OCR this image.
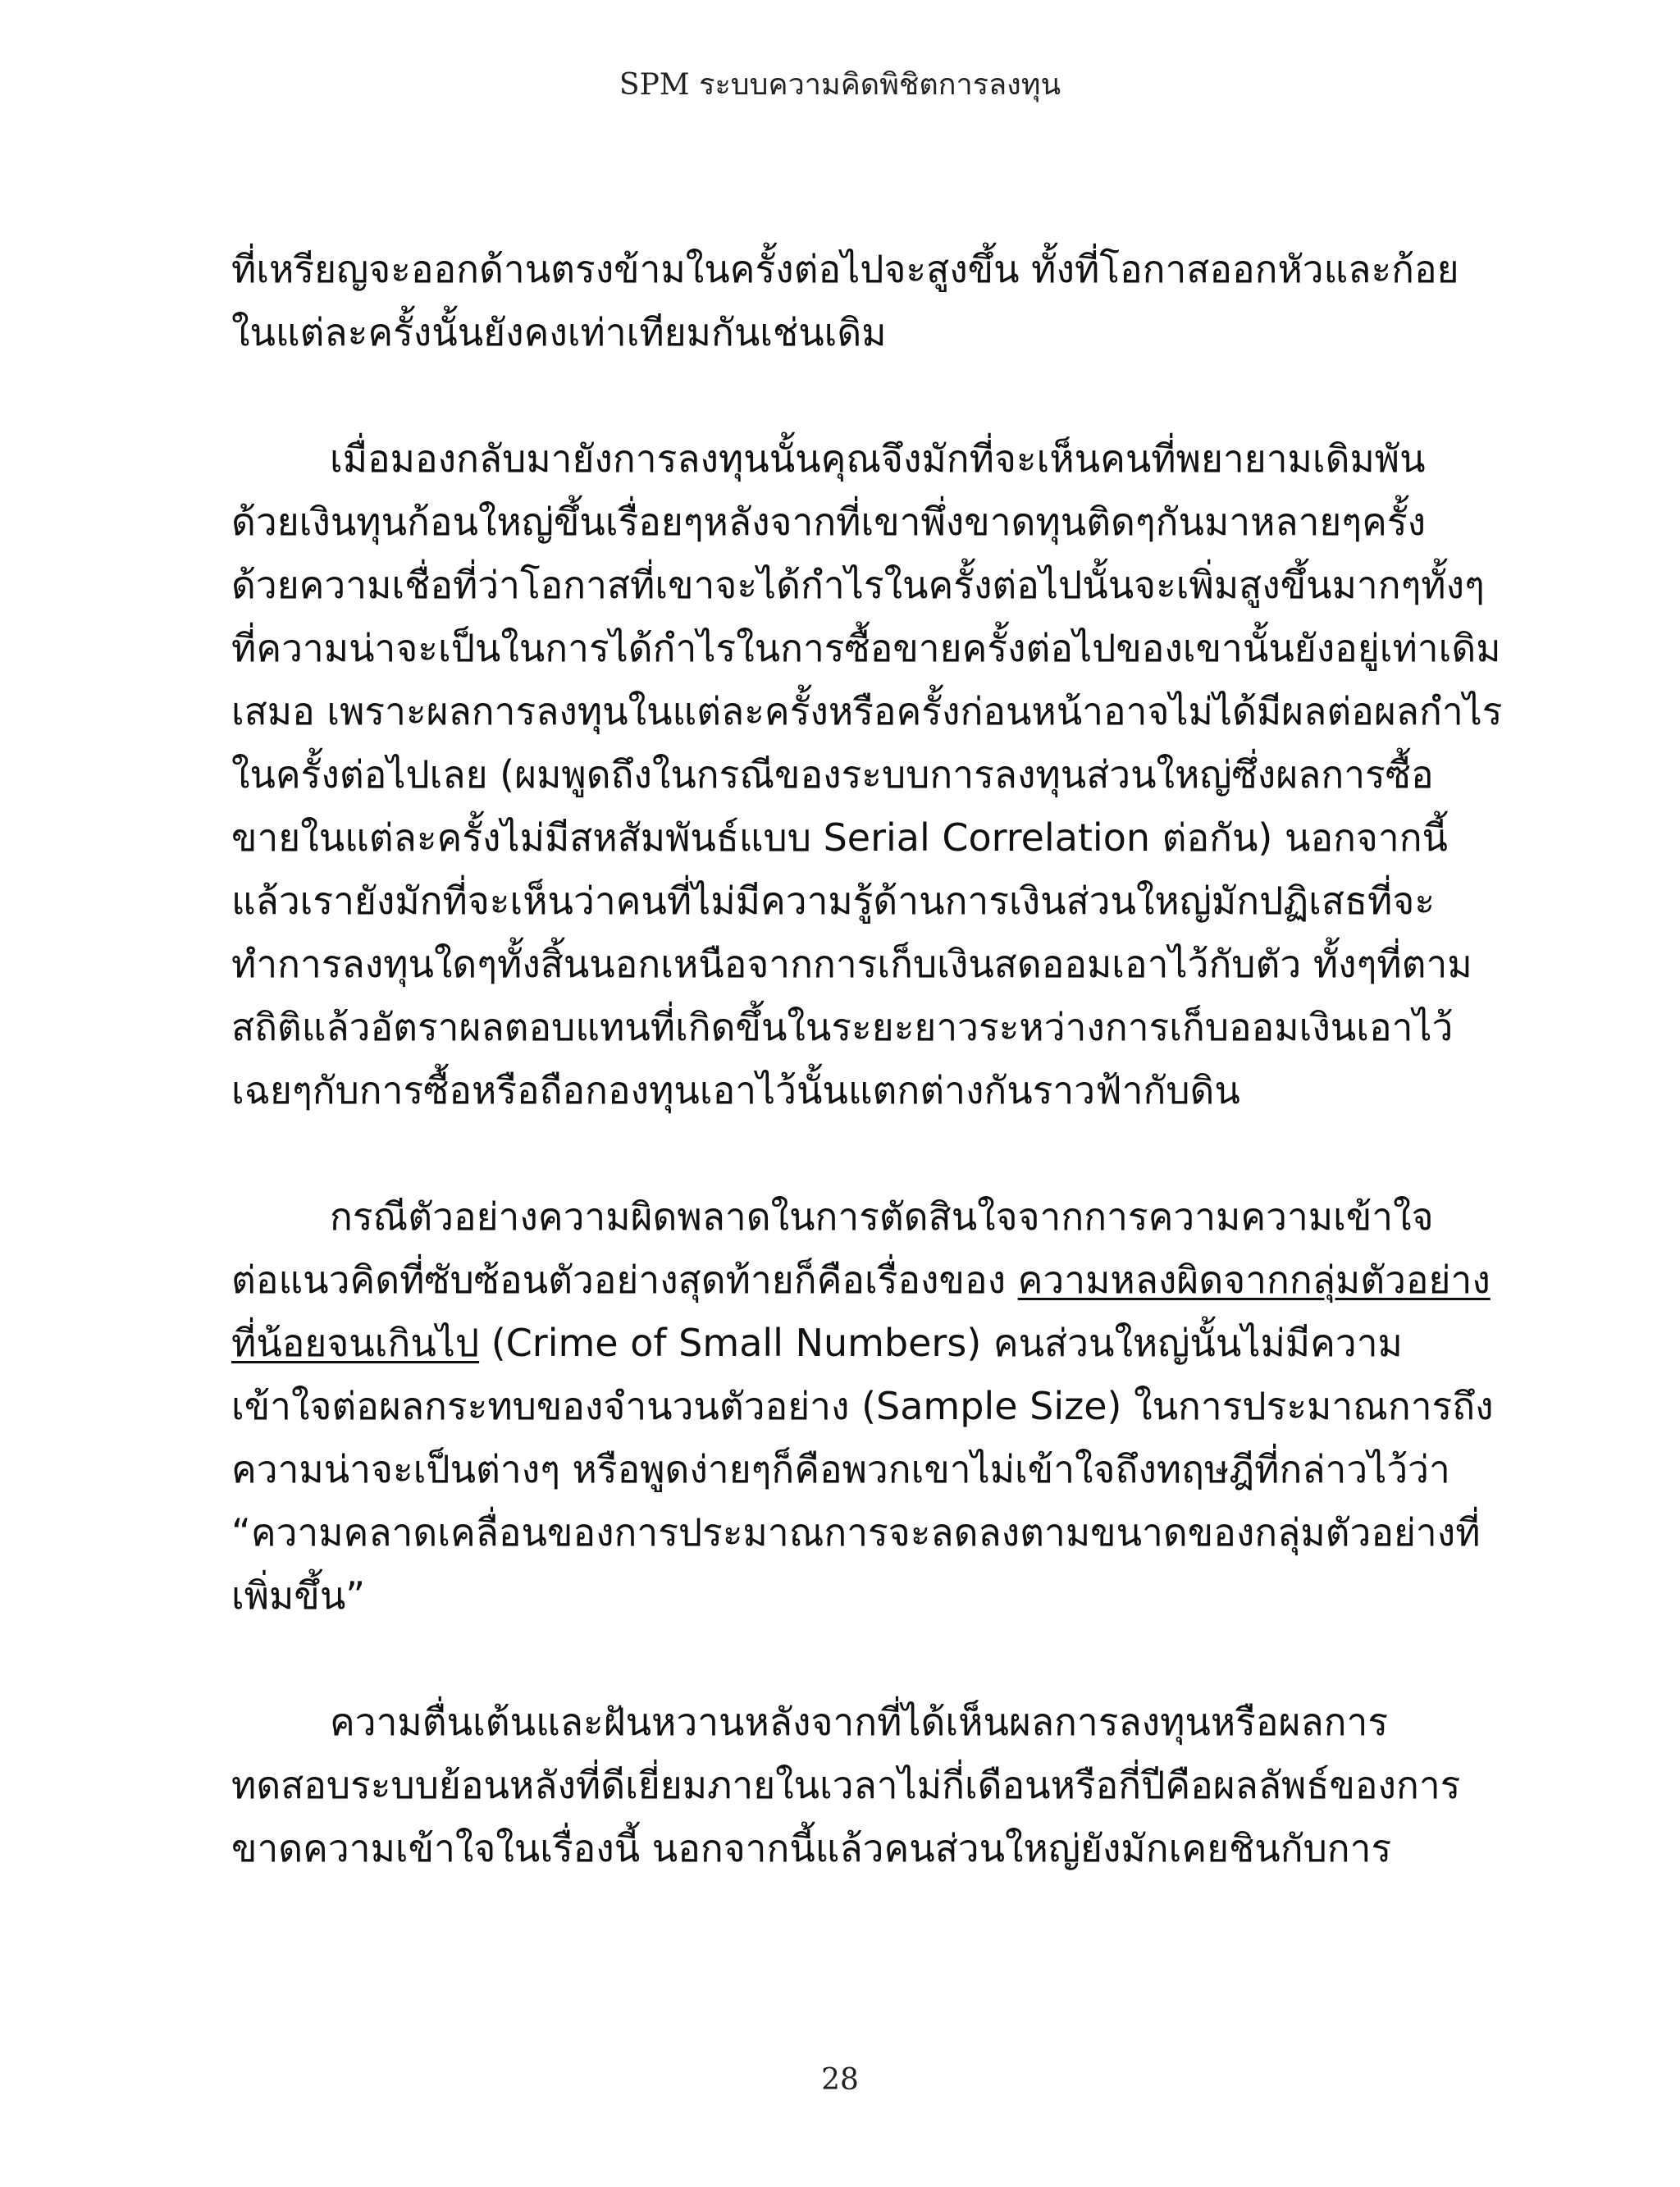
SPM ระบบความคิดพิชิตการลงทุน

ที่เหรียญจะออกด้านตรงข้ามในครั้งต่อไปจะสูงขึ้น ทั้งที่โอกาสออกหัวและก้อย
ในแต่ละครั้งนั้นยังคงเท่าเทียมกันเช่นเดิม

เมื่อมองกลับมายังการลงทุนนั้นคุณจึงมักที่จะเห็นคนที่พยายามเดิมพัน
ด้วยเงินทุนก้อนใหญ่ขึ้นเรื่อยๆหลังจากที่เขาพึ่งขาดทุนติดๆกันมาหลายๆครั้ง
ด้วยความเชื่อที่ว่าโอกาสที่เขาจะได้กำไรในครั้งต่อไปนั้นจะเพิ่มสูงขึ้นมากๆทั้งๆ
ที่ความน่าจะเป็นในการได้กำไรในการซื้อขายครั้งต่อไปของเขานั้นยังอยู่เท่าเดิม
เสมอ เพราะผลการลงทุนในแต่ละครั้งหรือครั้งก่อนหน้าอาจไม่ได้มีผลต่อผลกำไร
ในครั้งต่อไปเลย (ผมพูดถึงในกรณีของระบบการลงทุนส่วนใหญ่ซึ่งผลการซื้อ
ขายในแต่ละครั้งไม่มีสหสัมพันธ์แบบ Serial Correlation ต่อกัน) นอกจากนี้
แล้วเรายังมักที่จะเห็นว่าคนที่ไม่มีความรู้ด้านการเงินส่วนใหญ่มักปฏิเสธที่จะ
ทำการลงทุนใดๆทั้งสิ้นนอกเหนือจากการเก็บเงินสดออมเอาไว้กับตัว ทั้งๆที่ตาม
สถิติแล้วอัตราผลตอบแทนที่เกิดขึ้นในระยะยาวระหว่างการเก็บออมเงินเอาไว้
เฉยๆกับการซื้อหรือถือกองทุนเอาไว้นั้นแตกต่างกันราวฟ้ากับดิน

กรณีตัวอย่างความผิดพลาดในการตัดสินใจจากการความความเข้าใจ
ต่อแนวคิดที่ซับซ้อนตัวอย่างสุดท้ายก็คือเรื่องของ ความหลงผิดจากกลุ่มตัวอย่าง
ที่น้อยจนเกินไป (Crime of Small Numbers) คนส่วนใหญ่นั้นไม่มีความ
เข้าใจต่อผลกระทบของจำนวนตัวอย่าง (Sample Size) ในการประมาณการถึง
ความน่าจะเป็นต่างๆ หรือพูดง่ายๆก็คือพวกเขาไม่เข้าใจถึงทฤษฎีที่กล่าวไว้ว่า
“ความคลาดเคลื่อนของการประมาณการจะลดลงตามขนาดของกลุ่มตัวอย่างที่
เพิ่มขึ้น”

ความตื่นเต้นและฝันหวานหลังจากที่ได้เห็นผลการลงทุนหรือผลการ
ทดสอบระบบย้อนหลังที่ดีเยี่ยมภายในเวลาไม่กี่เดือนหรือกี่ปีคือผลลัพธ์ของการ
ขาดความเข้าใจในเรื่องนี้ นอกจากนี้แล้วคนส่วนใหญ่ยังมักเคยชินกับการ

28
